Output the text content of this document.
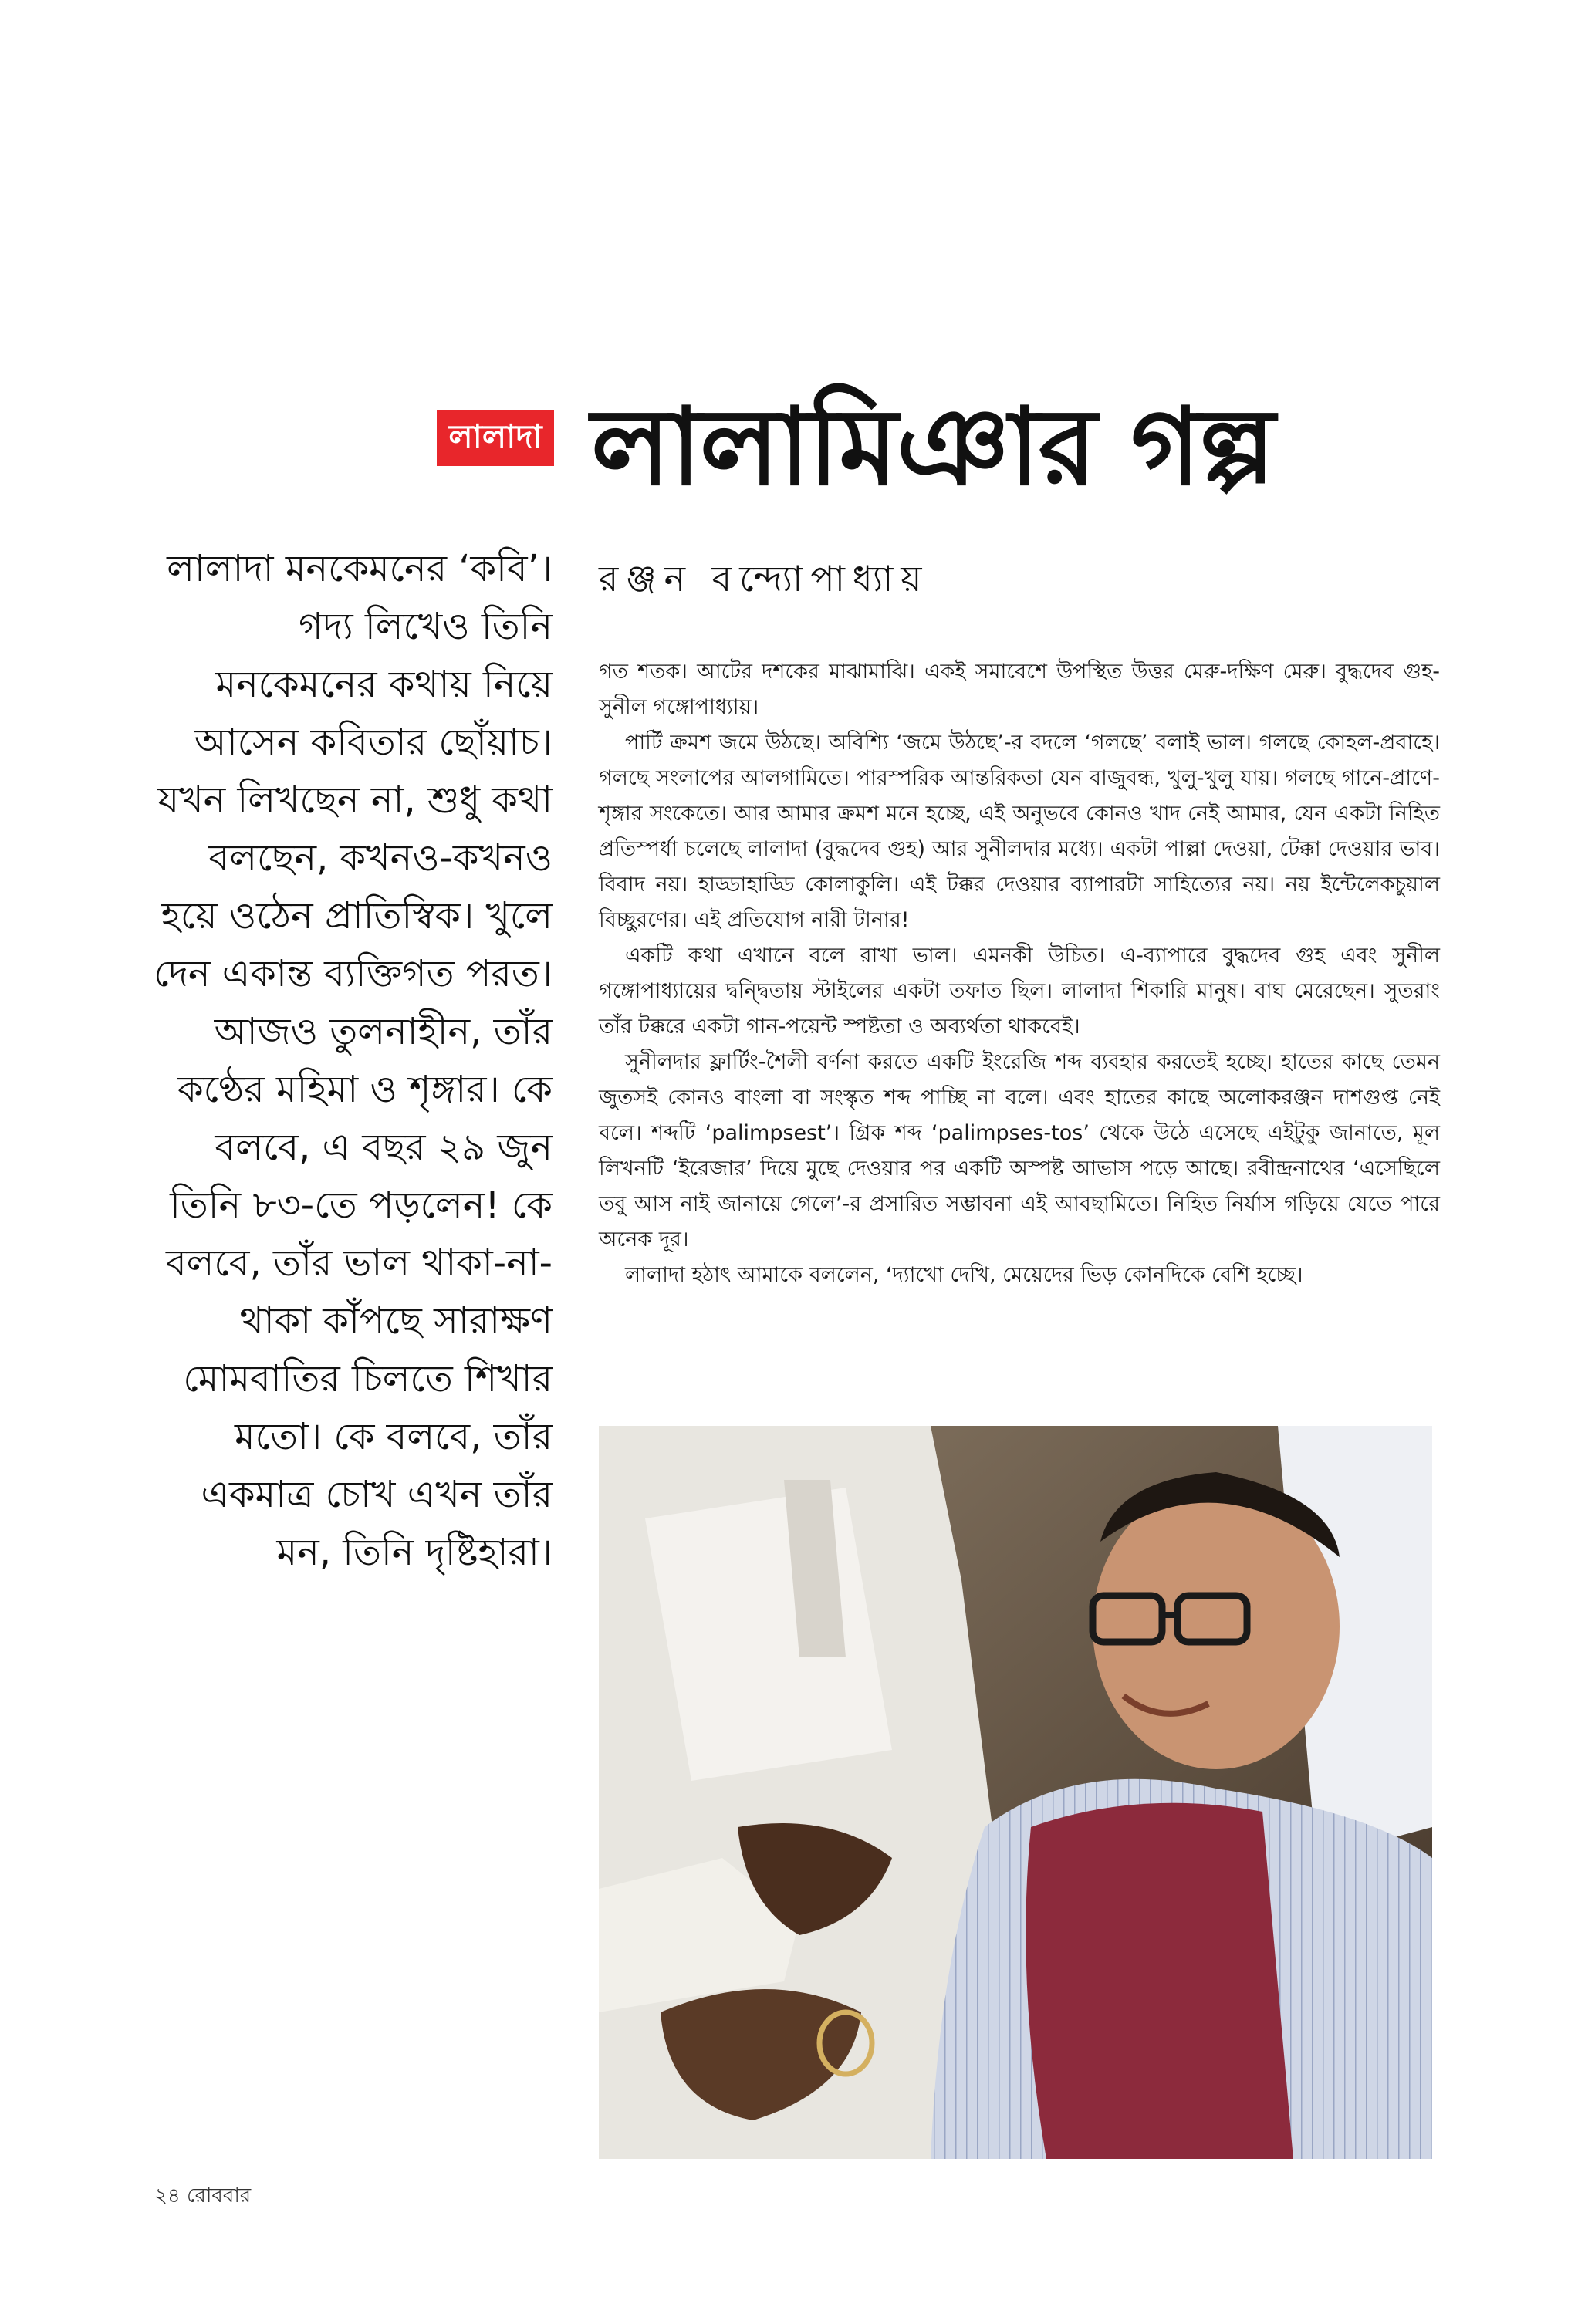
লালাদা লালামিঞার গল্প
লালাদা মনকেমনের ‘কবি’। গদ্য লিখেও তিনি মনকেমনের কথায় নিয়ে আসেন কবিতার ছোঁয়াচ। যখন লিখছেন না, শুধু কথা বলছেন, কখনও-কখনও হয়ে ওঠেন প্রাতিস্বিক। খুলে দেন একান্ত ব্যক্তিগত পরত। আজও তুলনাহীন, তাঁর কণ্ঠের মহিমা ও শৃঙ্গার। কে বলবে, এ বছর ২৯ জুন তিনি ৮৩-তে পড়লেন! কে বলবে, তাঁর ভাল থাকা-না-থাকা কাঁপছে সারাক্ষণ মোমবাতির চিলতে শিখার মতো। কে বলবে, তাঁর একমাত্র চোখ এখন তাঁর মন, তিনি দৃষ্টিহারা।
রঞ্জন বন্দ্যোপাধ্যায়

গত শতক। আটের দশকের মাঝামাঝি। একই সমাবেশে উপস্থিত উত্তর মেরু-দক্ষিণ মেরু। বুদ্ধদেব গুহ-সুনীল গঙ্গোপাধ্যায়।

পার্টি ক্রমশ জমে উঠছে। অবিশ্যি ‘জমে উঠছে’-র বদলে ‘গলছে’ বলাই ভাল। গলছে কোহল-প্রবাহে। গলছে সংলাপের আলগামিতে। পারস্পরিক আন্তরিকতা যেন বাজুবন্ধ, খুলু-খুলু যায়। গলছে গানে-প্রাণে-শৃঙ্গার সংকেতে। আর আমার ক্রমশ মনে হচ্ছে, এই অনুভবে কোনও খাদ নেই আমার, যেন একটা নিহিত প্রতিস্পর্ধা চলেছে লালাদা (বুদ্ধদেব গুহ) আর সুনীলদার মধ্যে। একটা পাল্লা দেওয়া, টেক্কা দেওয়ার ভাব। বিবাদ নয়। হাড্ডাহাড্ডি কোলাকুলি। এই টক্কর দেওয়ার ব্যাপারটা সাহিত্যের নয়। নয় ইন্টেলেকচুয়াল বিচ্ছুরণের। এই প্রতিযোগ নারী টানার!

একটি কথা এখানে বলে রাখা ভাল। এমনকী উচিত। এ-ব্যাপারে বুদ্ধদেব গুহ এবং সুনীল গঙ্গোপাধ্যায়ের দ্বন্দ্বিতায় স্টাইলের একটা তফাত ছিল। লালাদা শিকারি মানুষ। বাঘ মেরেছেন। সুতরাং তাঁর টক্করে একটা গান-পয়েন্ট স্পষ্টতা ও অব্যর্থতা থাকবেই।

সুনীলদার ফ্লার্টিং-শৈলী বর্ণনা করতে একটি ইংরেজি শব্দ ব্যবহার করতেই হচ্ছে। হাতের কাছে তেমন জুতসই কোনও বাংলা বা সংস্কৃত শব্দ পাচ্ছি না বলে। এবং হাতের কাছে অলোকরঞ্জন দাশগুপ্ত নেই বলে। শব্দটি ‘palimpsest’। গ্রিক শব্দ ‘palimpses-tos’ থেকে উঠে এসেছে এইটুকু জানাতে, মূল লিখনটি ‘ইরেজার’ দিয়ে মুছে দেওয়ার পর একটি অস্পষ্ট আভাস পড়ে আছে। রবীন্দ্রনাথের ‘এসেছিলে তবু আস নাই জানায়ে গেলে’-র প্রসারিত সম্ভাবনা এই আবছামিতে। নিহিত নির্যাস গড়িয়ে যেতে পারে অনেক দূর।

লালাদা হঠাৎ আমাকে বললেন, ‘দ্যাখো দেখি, মেয়েদের ভিড় কোনদিকে বেশি হচ্ছে।

২৪ রোববার
